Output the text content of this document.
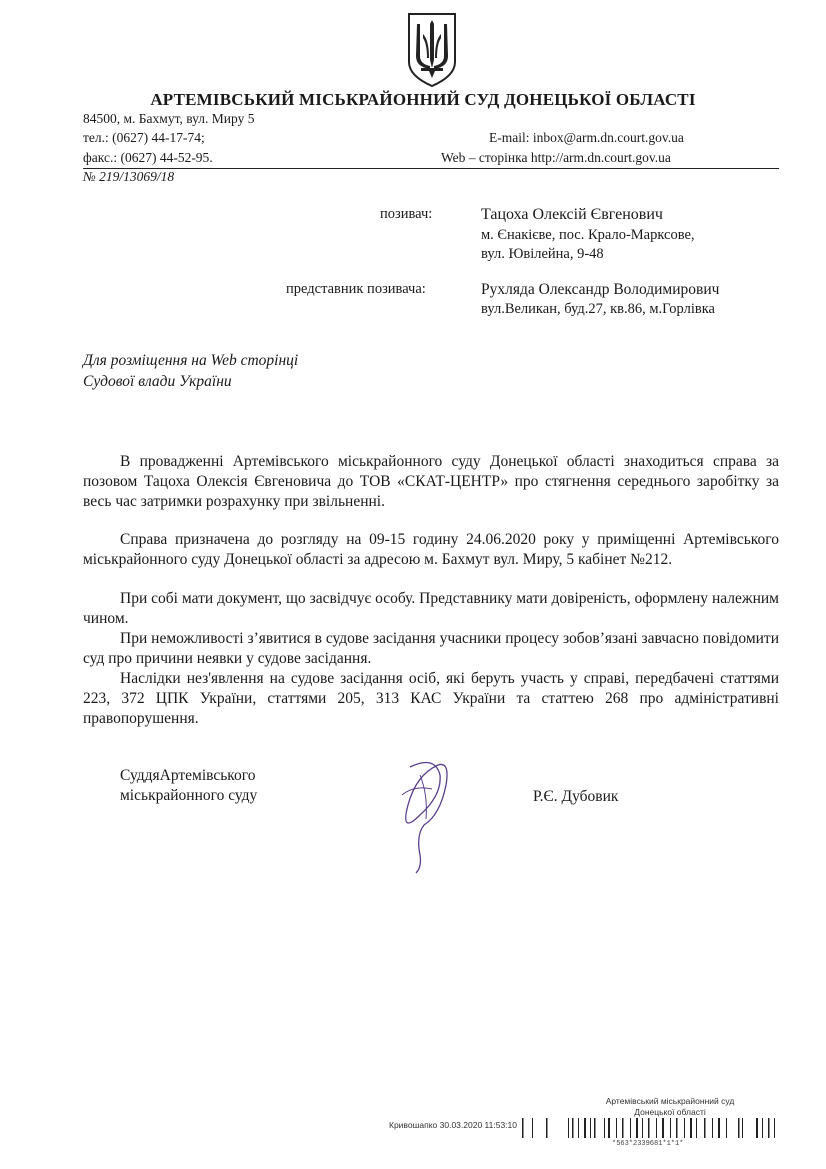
АРТЕМІВСЬКИЙ МІСЬКРАЙОННИЙ СУД ДОНЕЦЬКОЇ ОБЛАСТІ
84500, м. Бахмут, вул. Миру 5
тел.: (0627) 44-17-74;	E-mail: inbox@arm.dn.court.gov.ua
факс.: (0627) 44-52-95.	Web – сторінка http://arm.dn.court.gov.ua
№ 219/13069/18
позивач:	Тацоха Олексій Євгенович
м. Єнакієве, пос. Крало-Марксове,
вул. Ювілейна, 9-48
представник позивача:	Рухляда Олександр Володимирович
вул.Великан, буд.27, кв.86, м.Горлівка
Для розміщення на Web сторінці
Судової влади України

В провадженні Артемівського міськрайонного суду Донецької області знаходиться справа за позовом Тацоха Олексія Євгеновича до ТОВ «СКАТ-ЦЕНТР» про стягнення середнього заробітку за весь час затримки розрахунку при звільненні.

Справа призначена до розгляду на 09-15 годину 24.06.2020 року у приміщенні Артемівського міськрайонного суду Донецької області за адресою м. Бахмут вул. Миру, 5 кабінет №212.

При собі мати документ, що засвідчує особу. Представнику мати довіреність, оформлену належним чином.

При неможливості з’явитися в судове засідання учасники процесу зобов’язані завчасно повідомити суд про причини неявки у судове засідання.

Наслідки нез'явлення на судове засідання осіб, які беруть участь у справі, передбачені статтями 223, 372 ЦПК України, статтями 205, 313 КАС України та статтею 268 про адміністративні правопорушення.

СуддяАртемівського
міськрайонного суду	Р.Є. Дубовик
Артемівський міськрайонний суд
Донецької області
Кривошапко 30.03.2020 11:53:10
*563*2339681*1*1*
